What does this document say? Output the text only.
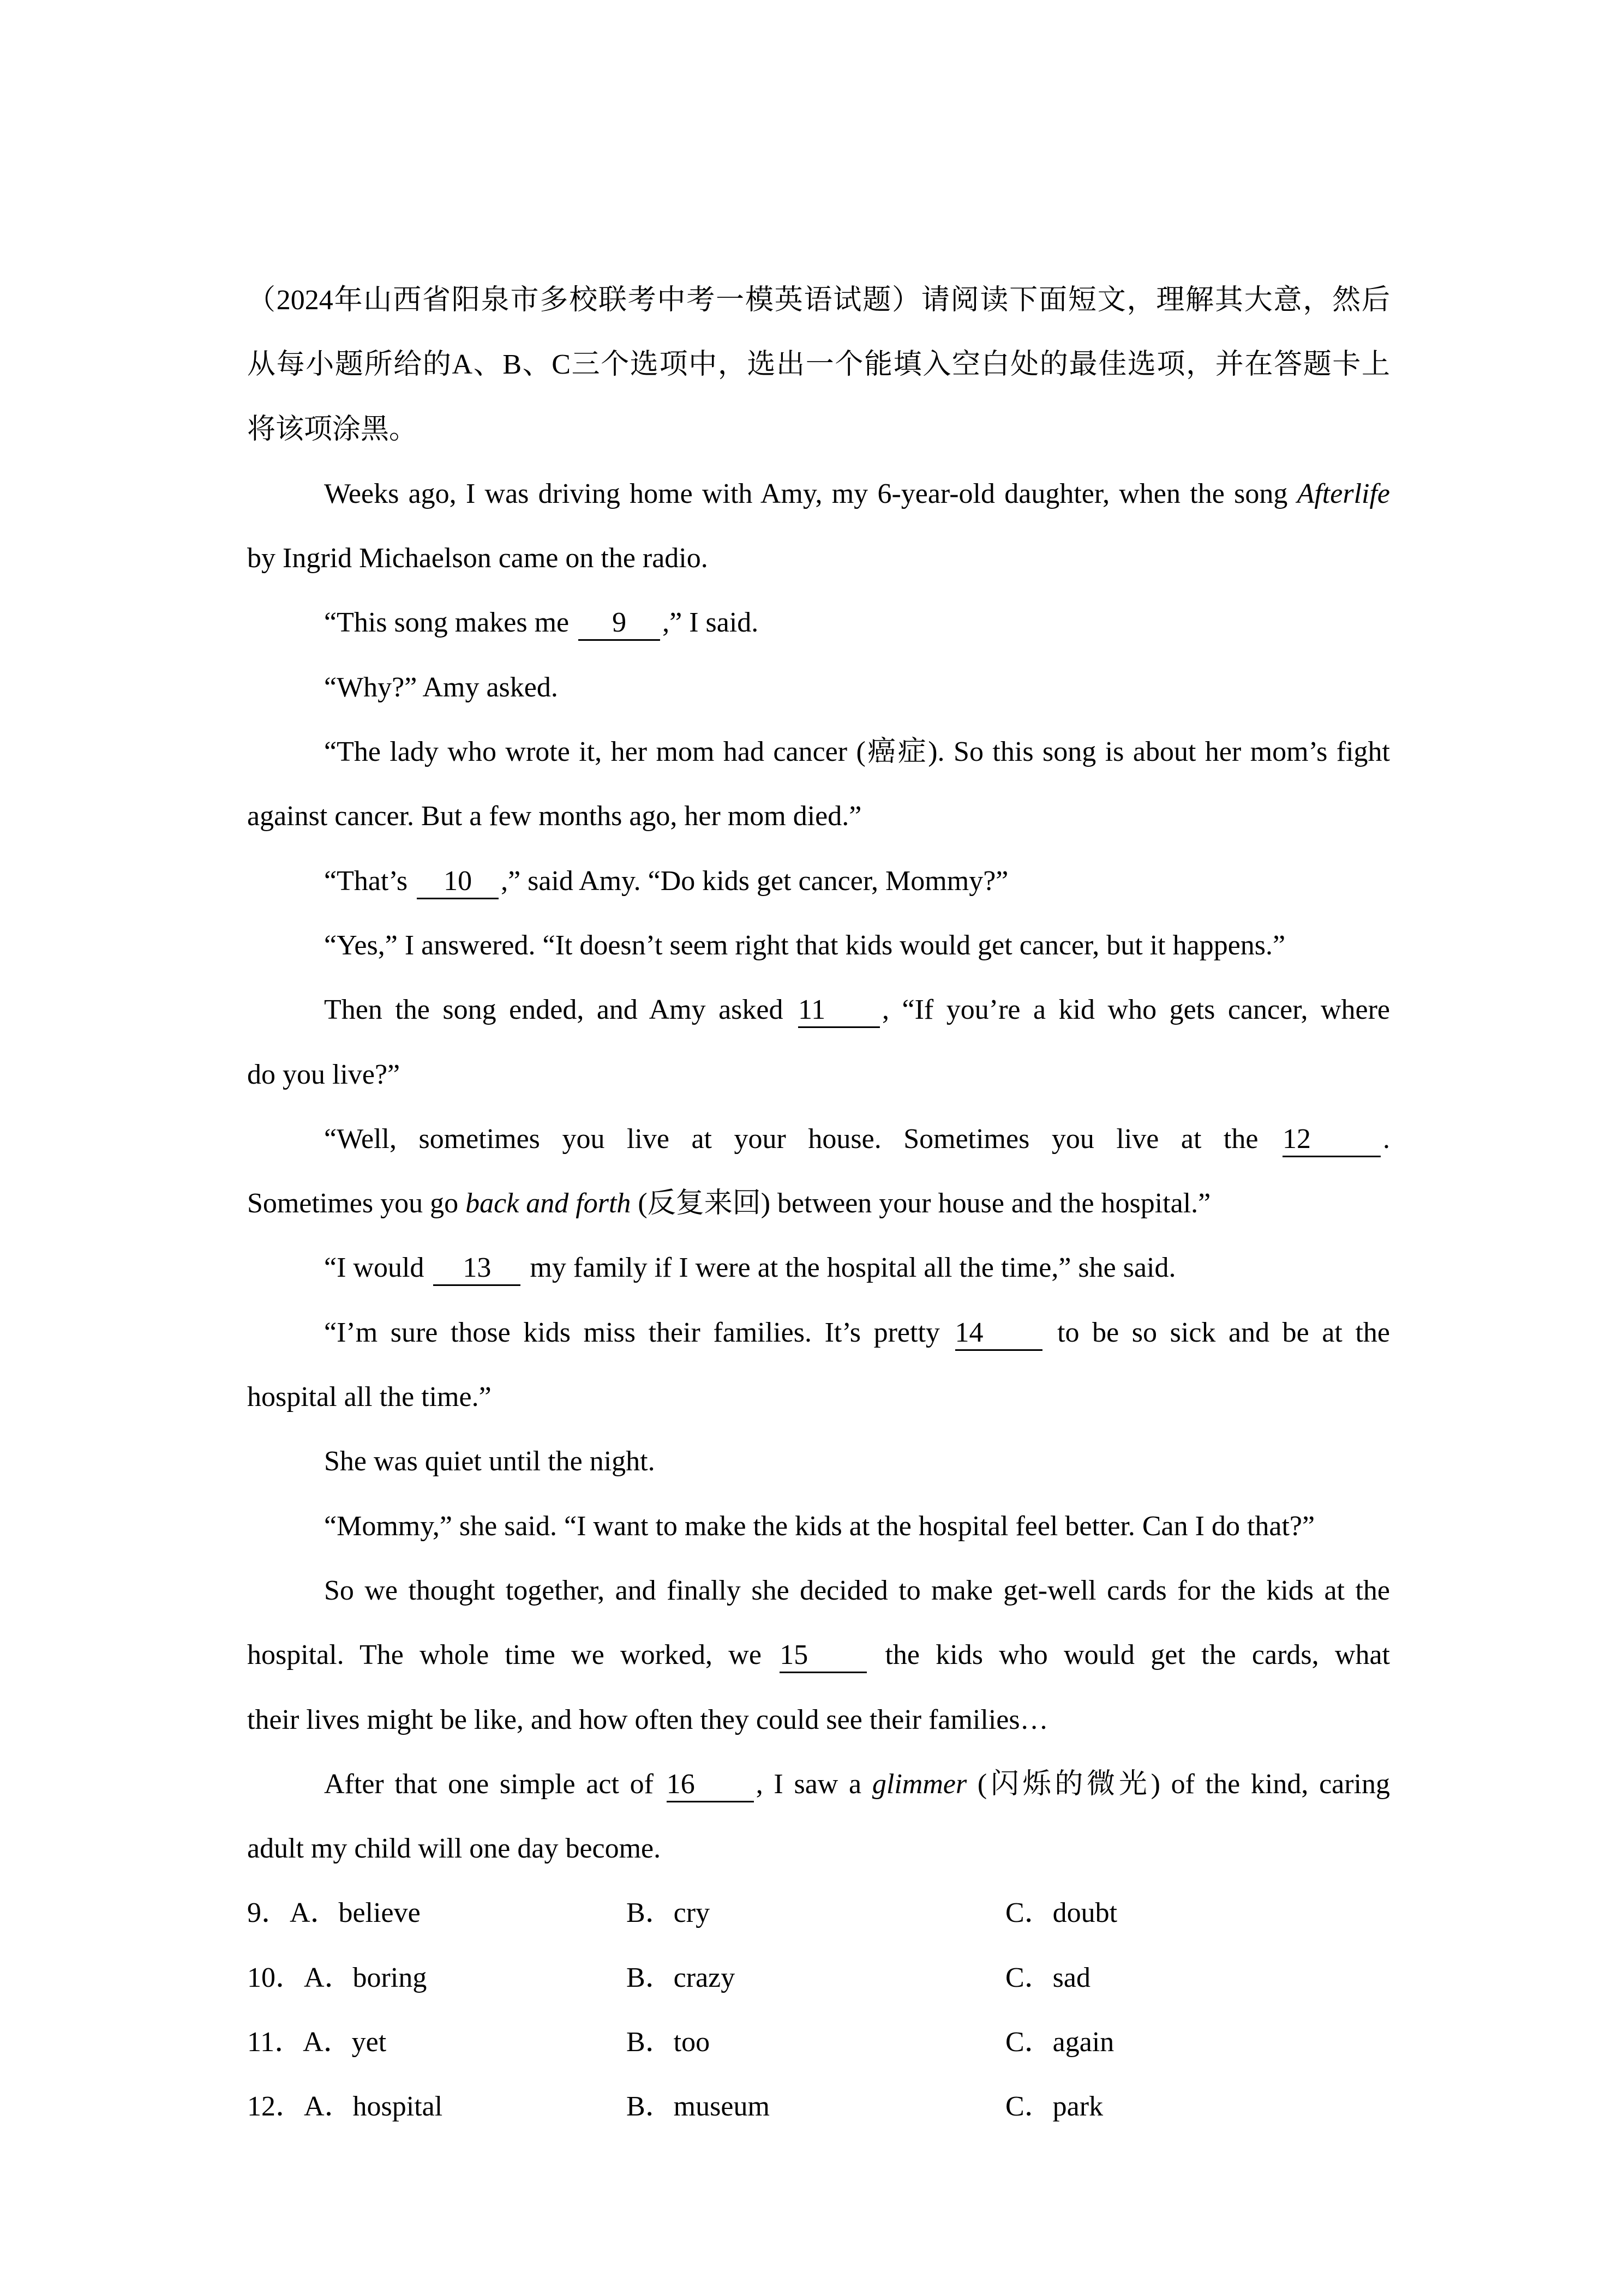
（2024年山西省阳泉市多校联考中考一模英语试题）请阅读下面短文，理解其大意，然后
从每小题所给的A、B、C三个选项中，选出一个能填入空白处的最佳选项，并在答题卡上
将该项涂黑。
Weeks ago, I was driving home with Amy, my 6-year-old daughter, when the song Afterlife
by Ingrid Michaelson came on the radio.
“This song makes me 9 ,” I said.
“Why?” Amy asked.
“The lady who wrote it, her mom had cancer (癌症). So this song is about her mom’s fight
against cancer. But a few months ago, her mom died.”
“That’s 10 ,” said Amy. “Do kids get cancer, Mommy?”
“Yes,” I answered. “It doesn’t seem right that kids would get cancer, but it happens.”
Then the song ended, and Amy asked 11 , “If you’re a kid who gets cancer, where
do you live?”
“Well, sometimes you live at your house. Sometimes you live at the 12	.
Sometimes you go back and forth (反复来回) between your house and the hospital.”
“I would 13 my family if I were at the hospital all the time,” she said.
“I’m sure those kids miss their families. It’s pretty 14 to be so sick and be at the
hospital all the time.”
She was quiet until the night.
“Mommy,” she said. “I want to make the kids at the hospital feel better. Can I do that?”
So we thought together, and finally she decided to make get-well cards for the kids at the
hospital. The whole time we worked, we 15 the kids who would get the cards, what
their lives might be like, and how often they could see their families…
After that one simple act of 16 , I saw a glimmer (闪烁的微光) of the kind, caring
adult my child will one day become.
9．A．believe	B．cry	C．doubt
10．A．boring	B．crazy	C．sad
11．A．yet	B．too	C．again
12．A．hospital	B．museum	C．park
